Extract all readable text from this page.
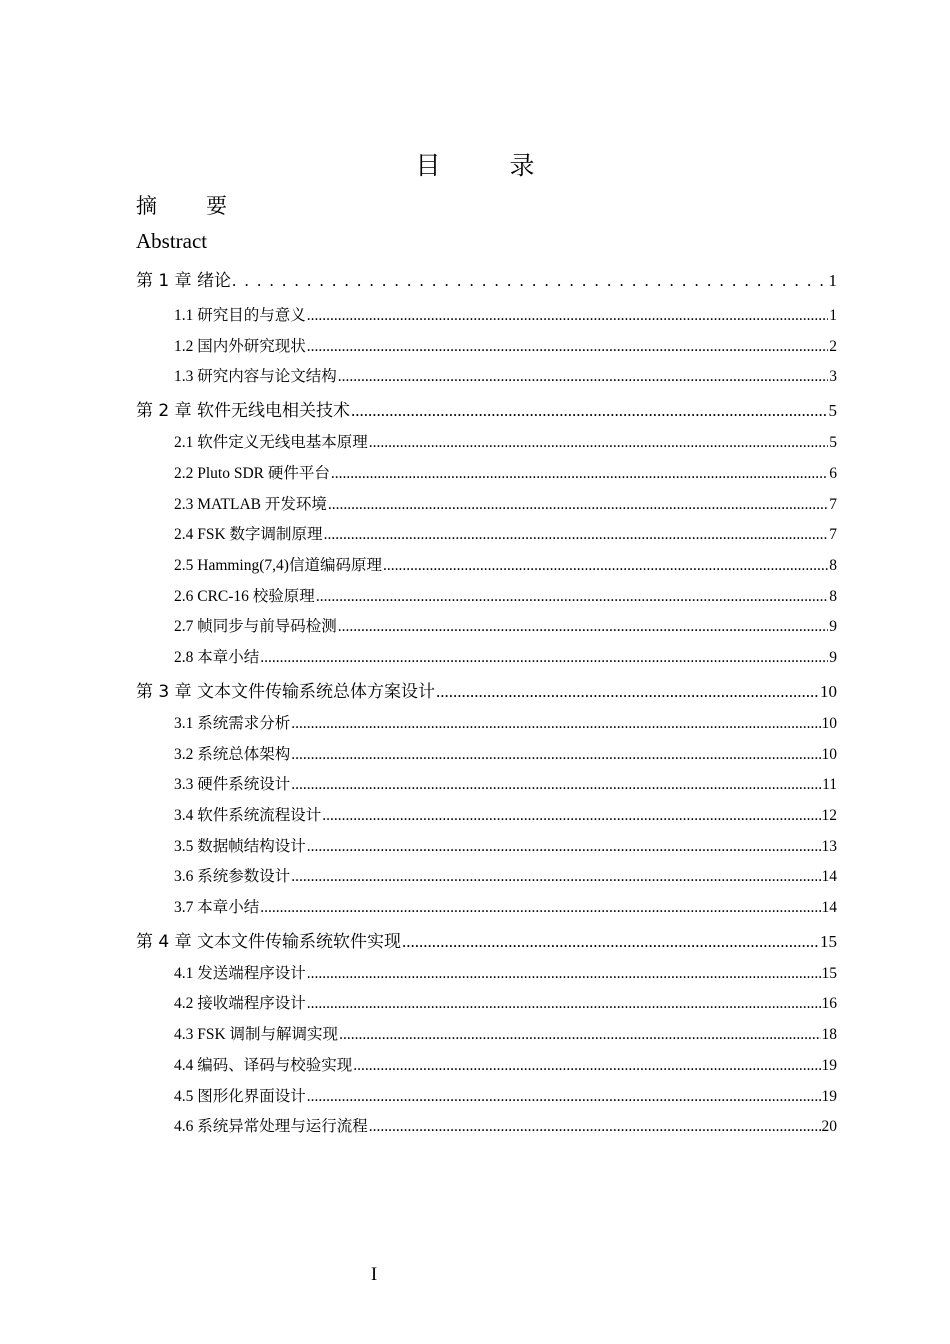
目　录
摘　要
Abstract
第 1 章 绪论 . . .	1
1.1 研究目的与意义 .....	1
1.2 国内外研究现状 .....	2
1.3 研究内容与论文结构 .....	3
第 2 章 软件无线电相关技术 .....	5
2.1 软件定义无线电基本原理 .....	5
2.2 Pluto SDR 硬件平台 .....	6
2.3 MATLAB 开发环境 .....	7
2.4 FSK 数字调制原理 .....	7
2.5 Hamming(7,4)信道编码原理 .....	8
2.6 CRC-16 校验原理 .....	8
2.7 帧同步与前导码检测 .....	9
2.8 本章小结 .....	9
第 3 章 文本文件传输系统总体方案设计 .....	10
3.1 系统需求分析 .....	10
3.2 系统总体架构 .....	10
3.3 硬件系统设计 .....	11
3.4 软件系统流程设计 .....	12
3.5 数据帧结构设计 .....	13
3.6 系统参数设计 .....	14
3.7 本章小结 .....	14
第 4 章 文本文件传输系统软件实现 .....	15
4.1 发送端程序设计 .....	15
4.2 接收端程序设计 .....	16
4.3 FSK 调制与解调实现 .....	18
4.4 编码、译码与校验实现 .....	19
4.5 图形化界面设计 .....	19
4.6 系统异常处理与运行流程 .....	20
I
